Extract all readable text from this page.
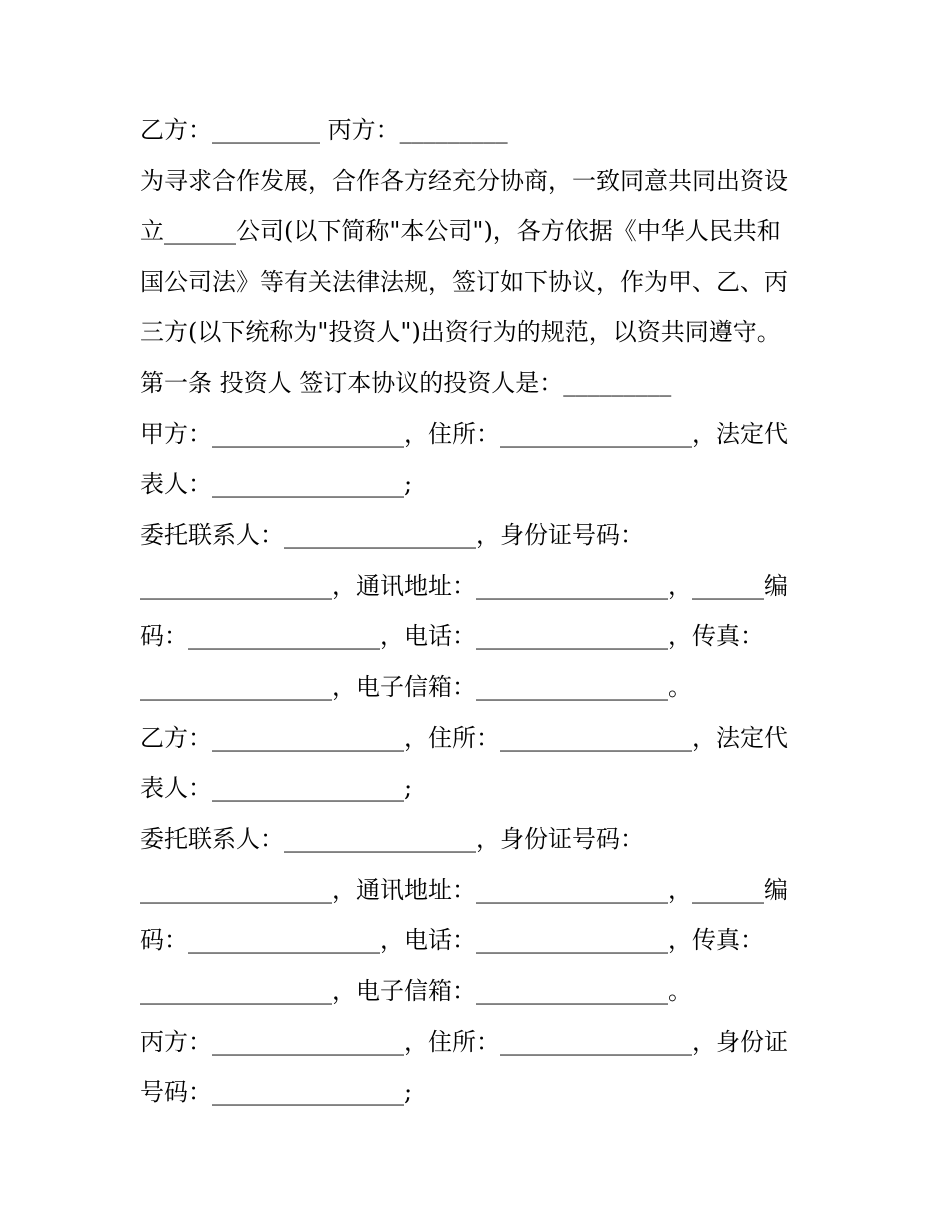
乙方：_________ 丙方：_________

为寻求合作发展，合作各方经充分协商，一致同意共同出资设

立______公司(以下简称"本公司")，各方依据《中华人民共和

国公司法》等有关法律法规，签订如下协议，作为甲、乙、丙

三方(以下统称为"投资人")出资行为的规范，以资共同遵守。

第一条 投资人 签订本协议的投资人是：_________

甲方：________________，住所：________________，法定代

表人：________________;

委托联系人：________________，身份证号码：

________________，通讯地址：________________，______编

码：________________，电话：________________，传真：

________________，电子信箱：________________。

乙方：________________，住所：________________，法定代

表人：________________;

委托联系人：________________，身份证号码：

________________，通讯地址：________________，______编

码：________________，电话：________________，传真：

________________，电子信箱：________________。

丙方：________________，住所：________________，身份证

号码：________________;
